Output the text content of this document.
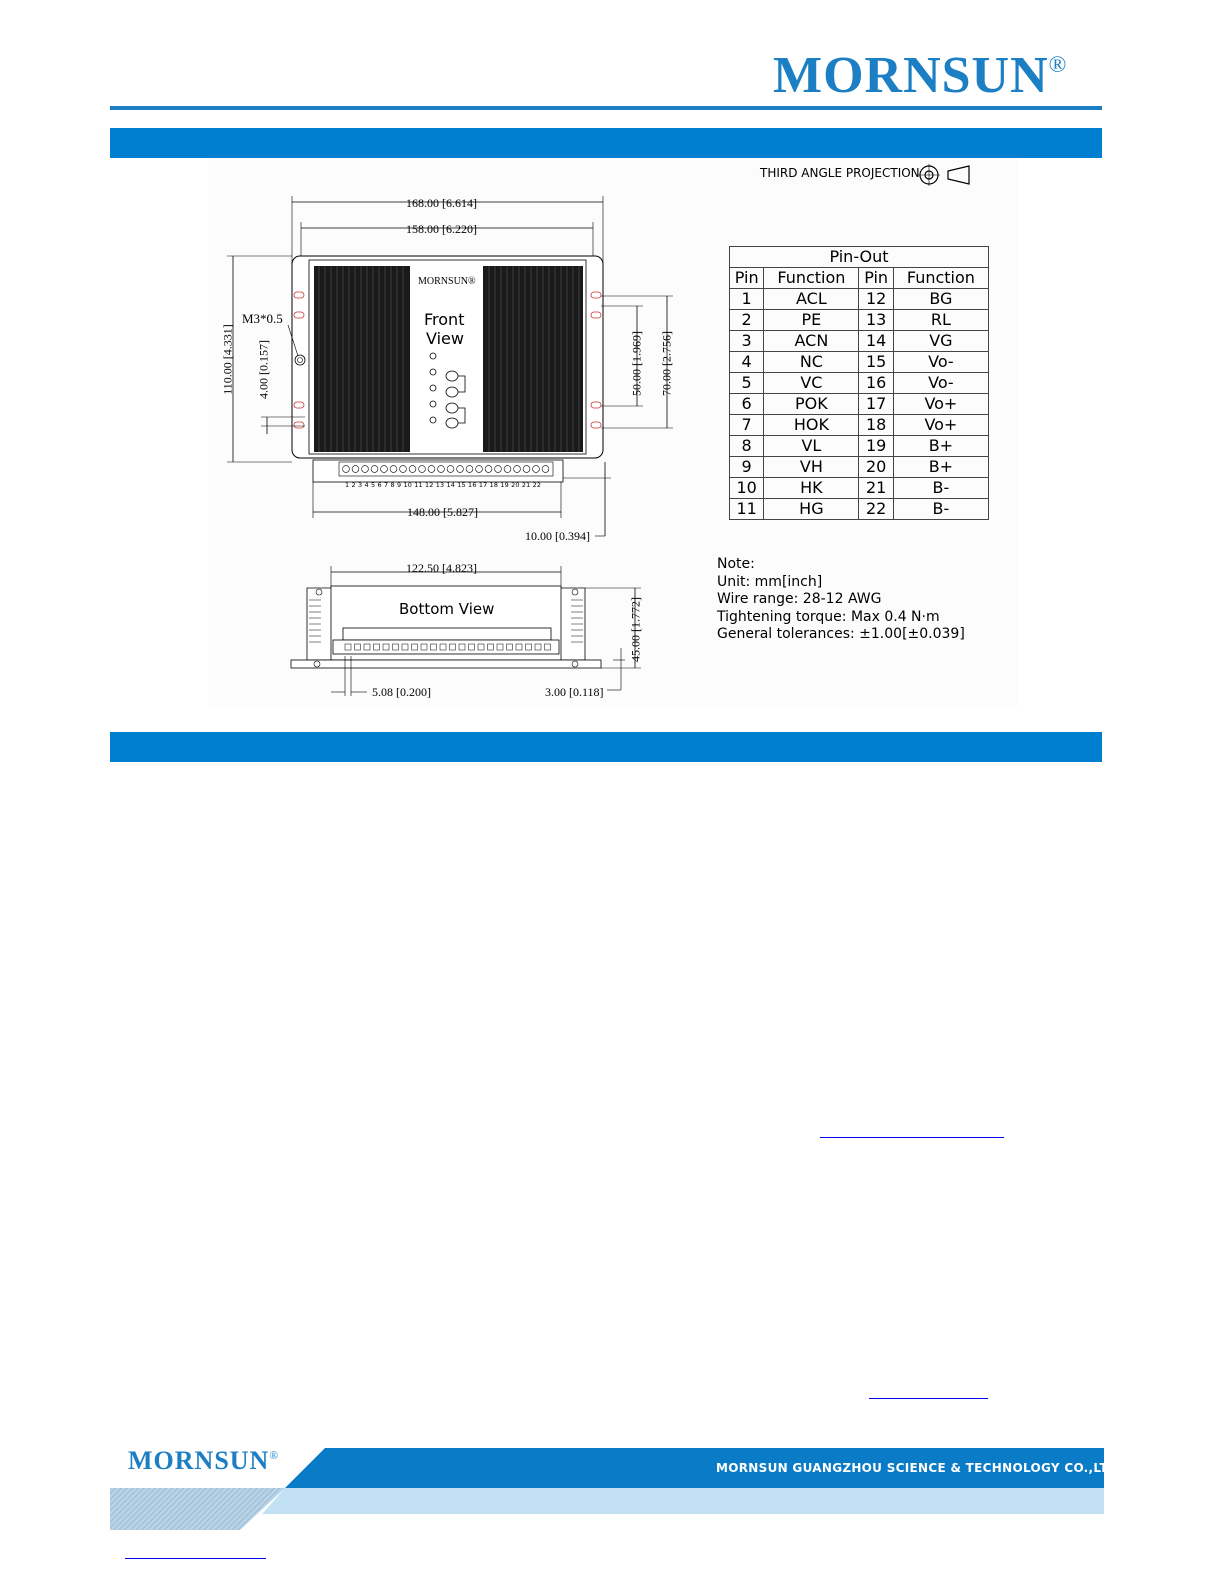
MORNSUN®
THIRD ANGLE PROJECTION
168.00 [6.614]
158.00 [6.220]
MORNSUN®
Front
View
M3*0.5
110.00 [4.331] 4.00 [0.157]	50.00 [1.969] 70.00 [2.756]
1 2 3 4 5 6 7 8 9 10 11 12 13 14 15 16 17 18 19 20 21 22
148.00 [5.827]
10.00 [0.394]
122.50 [4.823]
Bottom View	45.00 [1.772]
5.08 [0.200]	3.00 [0.118]
Pin-Out			
Pin	Function	Pin	Function
1	ACL	12	BG
2	PE	13	RL
3	ACN	14	VG
4	NC	15	Vo-
5	VC	16	Vo-
6	POK	17	Vo+
7	HOK	18	Vo+
8	VL	19	B+
9	VH	20	B+
10	HK	21	B-
11	HG	22	B-
Note:
Unit: mm[inch]
Wire range: 28-12 AWG
Tightening torque: Max 0.4 N·m
General tolerances: ±1.00[±0.039]
MORNSUN®
MORNSUN GUANGZHOU SCIENCE & TECHNOLOGY CO.,LTD.
